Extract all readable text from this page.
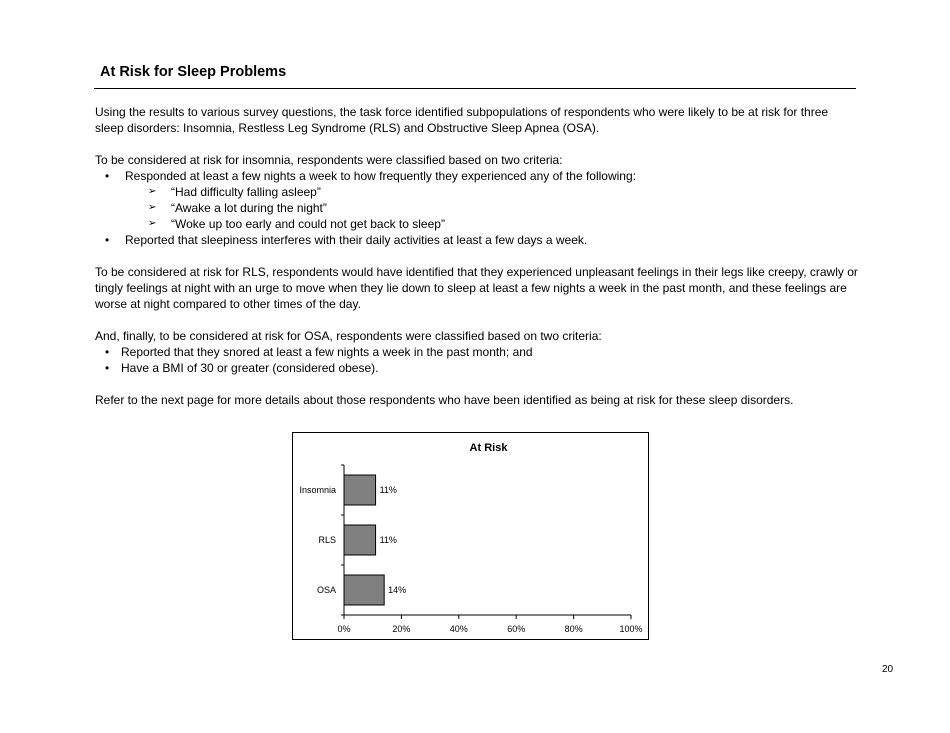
At Risk for Sleep Problems

Using the results to various survey questions, the task force identified subpopulations of respondents who were likely to be at risk for three sleep disorders: Insomnia, Restless Leg Syndrome (RLS) and Obstructive Sleep Apnea (OSA).

To be considered at risk for insomnia, respondents were classified based on two criteria:

• Responded at least a few nights a week to how frequently they experienced any of the following:
➢ “Had difficulty falling asleep”
➢ “Awake a lot during the night”
➢ “Woke up too early and could not get back to sleep”
• Reported that sleepiness interferes with their daily activities at least a few days a week.

To be considered at risk for RLS, respondents would have identified that they experienced unpleasant feelings in their legs like creepy, crawly or tingly feelings at night with an urge to move when they lie down to sleep at least a few nights a week in the past month, and these feelings are worse at night compared to other times of the day.

And, finally, to be considered at risk for OSA, respondents were classified based on two criteria:

• Reported that they snored at least a few nights a week in the past month; and
• Have a BMI of 30 or greater (considered obese).

Refer to the next page for more details about those respondents who have been identified as being at risk for these sleep disorders.

At Risk
0%	20%	40%	60%	80%	100%
Insomnia	11%
RLS	11%
OSA	14%
20
